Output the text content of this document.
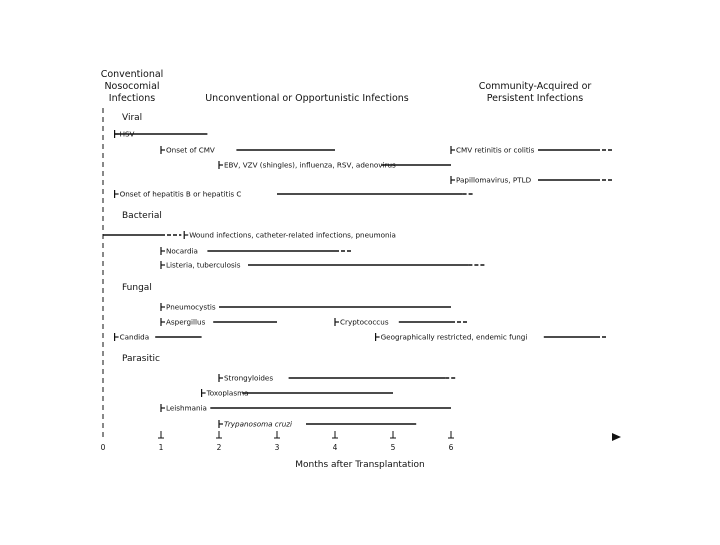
Conventional
Nosocomial
Infections	Unconventional or Opportunistic Infections
Community-Acquired or
Persistent Infections
Viral
HSV
Onset of CMV
EBV, VZV (shingles), influenza, RSV, adenovirus
CMV retinitis or colitis
Papillomavirus, PTLD
Onset of hepatitis B or hepatitis C
Bacterial
Wound infections, catheter-related infections, pneumonia
Nocardia
Listeria, tuberculosis
Fungal
Pneumocystis
Aspergillus	Cryptococcus
Candida	Geographically restricted, endemic fungi
Parasitic
Strongyloides
Toxoplasma
Leishmania
Trypanosoma cruzi
0	1	2	3	4	5	6
Months after Transplantation
